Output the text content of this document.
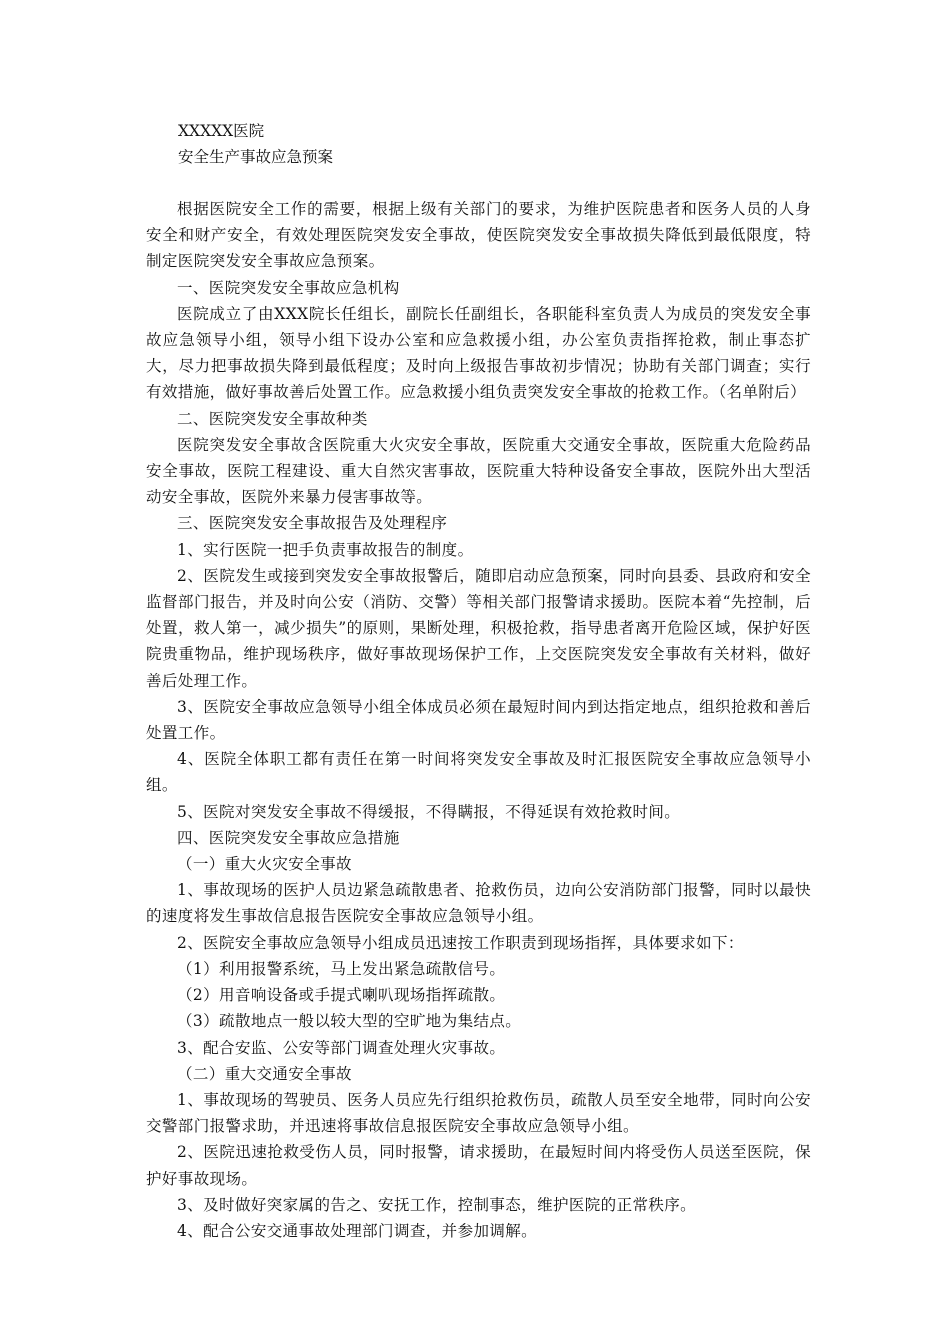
XXXXX医院

安全生产事故应急预案

根据医院安全工作的需要，根据上级有关部门的要求，为维护医院患者和医务人员的人身安全和财产安全，有效处理医院突发安全事故，使医院突发安全事故损失降低到最低限度，特制定医院突发安全事故应急预案。

一、医院突发安全事故应急机构

医院成立了由XXX院长任组长，副院长任副组长，各职能科室负责人为成员的突发安全事故应急领导小组，领导小组下设办公室和应急救援小组，办公室负责指挥抢救，制止事态扩大，尽力把事故损失降到最低程度；及时向上级报告事故初步情况；协助有关部门调查；实行有效措施，做好事故善后处置工作。应急救援小组负责突发安全事故的抢救工作。（名单附后）

二、医院突发安全事故种类

医院突发安全事故含医院重大火灾安全事故，医院重大交通安全事故，医院重大危险药品安全事故，医院工程建设、重大自然灾害事故，医院重大特种设备安全事故，医院外出大型活动安全事故，医院外来暴力侵害事故等。

三、医院突发安全事故报告及处理程序

1、实行医院一把手负责事故报告的制度。

2、医院发生或接到突发安全事故报警后，随即启动应急预案，同时向县委、县政府和安全监督部门报告，并及时向公安（消防、交警）等相关部门报警请求援助。医院本着“先控制，后处置，救人第一，减少损失”的原则，果断处理，积极抢救，指导患者离开危险区域，保护好医院贵重物品，维护现场秩序，做好事故现场保护工作，上交医院突发安全事故有关材料，做好善后处理工作。

3、医院安全事故应急领导小组全体成员必须在最短时间内到达指定地点，组织抢救和善后处置工作。

4、医院全体职工都有责任在第一时间将突发安全事故及时汇报医院安全事故应急领导小组。

5、医院对突发安全事故不得缓报，不得瞒报，不得延误有效抢救时间。

四、医院突发安全事故应急措施

（一）重大火灾安全事故

1、事故现场的医护人员边紧急疏散患者、抢救伤员，边向公安消防部门报警，同时以最快的速度将发生事故信息报告医院安全事故应急领导小组。

2、医院安全事故应急领导小组成员迅速按工作职责到现场指挥，具体要求如下：

（1）利用报警系统，马上发出紧急疏散信号。

（2）用音响设备或手提式喇叭现场指挥疏散。

（3）疏散地点一般以较大型的空旷地为集结点。

3、配合安监、公安等部门调查处理火灾事故。

（二）重大交通安全事故

1、事故现场的驾驶员、医务人员应先行组织抢救伤员，疏散人员至安全地带，同时向公安交警部门报警求助，并迅速将事故信息报医院安全事故应急领导小组。

2、医院迅速抢救受伤人员，同时报警，请求援助，在最短时间内将受伤人员送至医院，保护好事故现场。

3、及时做好突家属的告之、安抚工作，控制事态，维护医院的正常秩序。

4、配合公安交通事故处理部门调查，并参加调解。
